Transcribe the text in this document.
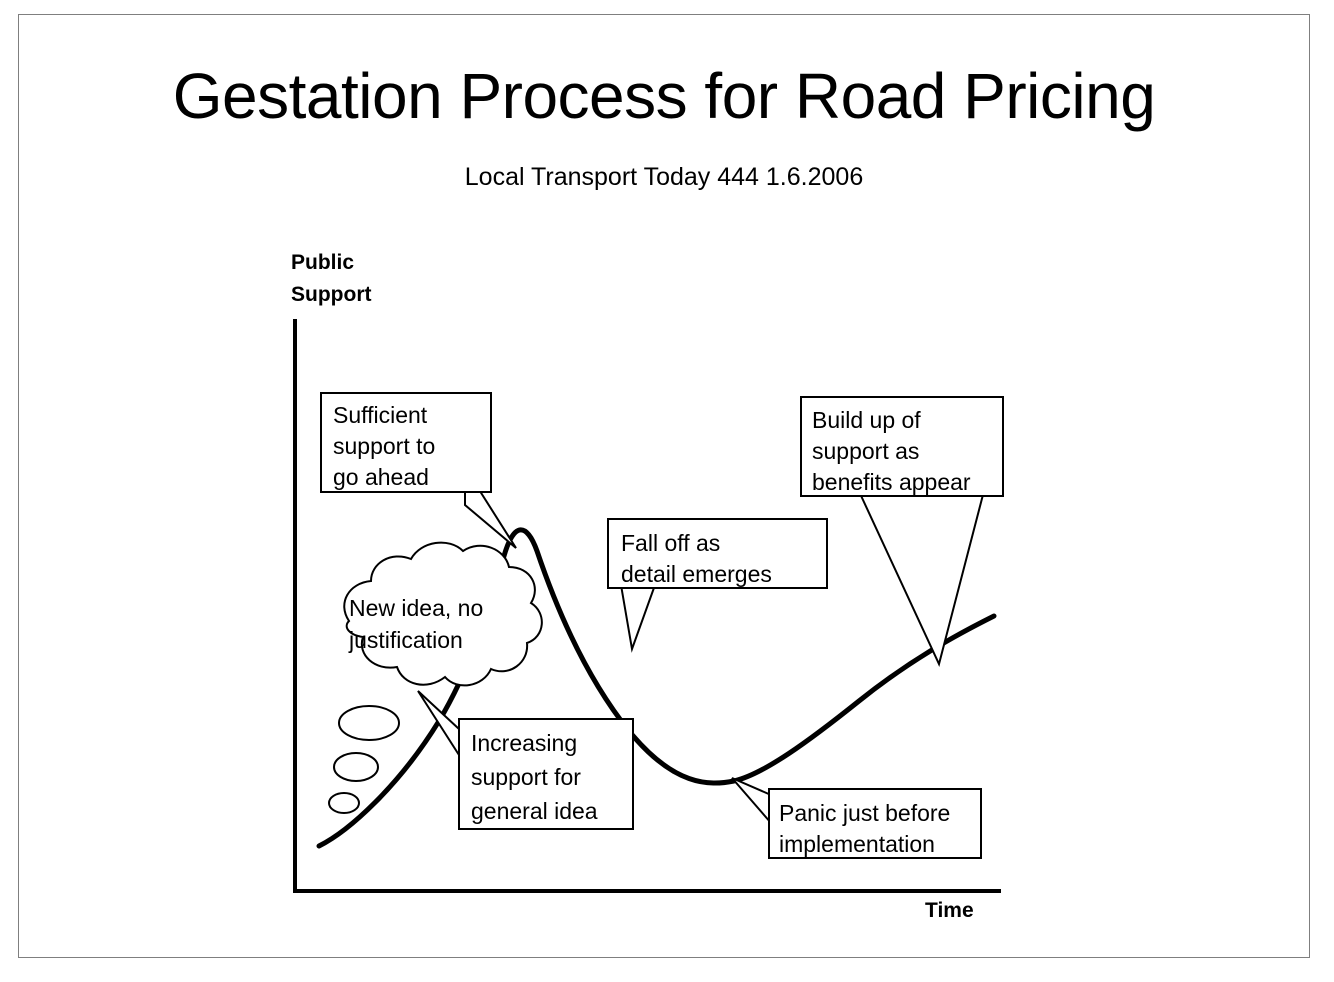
Gestation Process for Road Pricing
Local Transport Today 444 1.6.2006
Public
Support
Time
New idea, no
justification
Sufficient
support to
go ahead
Fall off as
detail emerges
Build up of
support as
benefits appear
Increasing
support for
general idea	Panic just before
implementation
